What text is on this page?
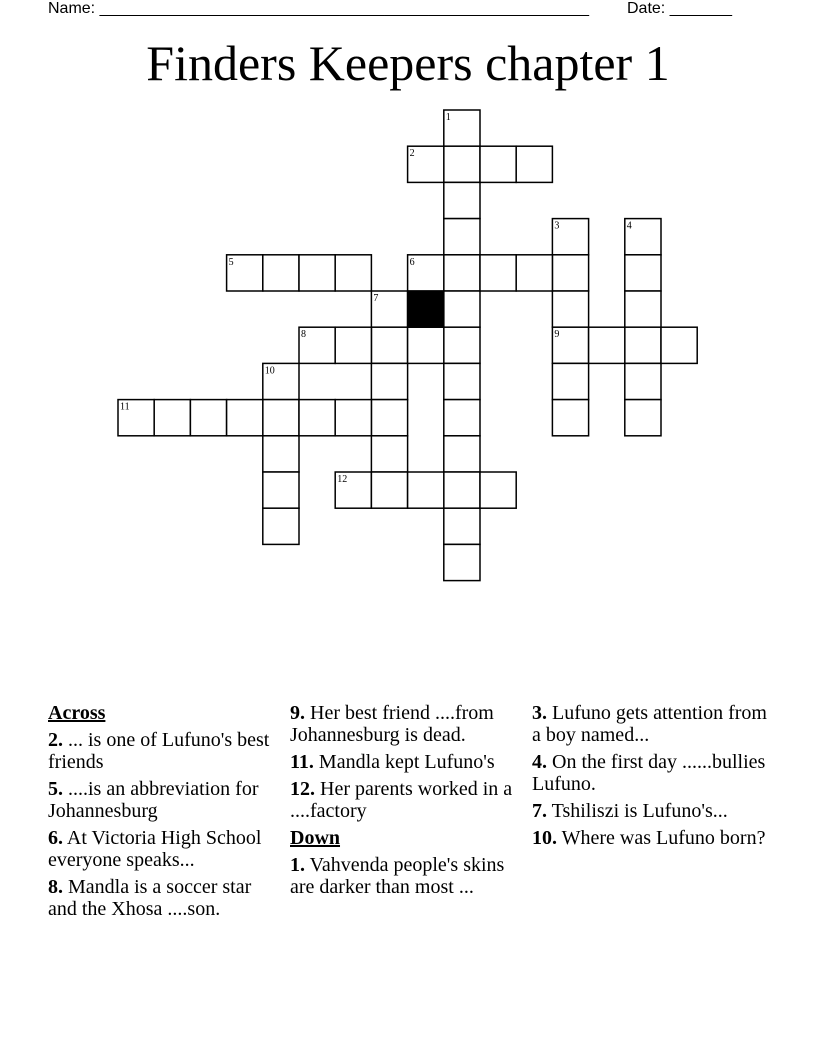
Name: _______________________________________________________ Date: _______
Finders Keepers chapter 1
1
2
3	4
5	6
7
8	9
10
11
12
Across
2. ... is one of Lufuno's best friends
5. ....is an abbreviation for Johannesburg
6. At Victoria High School everyone speaks...
8. Mandla is a soccer star and the Xhosa ....son.
9. Her best friend ....from Johannesburg is dead.
11. Mandla kept Lufuno's
12. Her parents worked in a ....factory
Down
1. Vahvenda people's skins are darker than most ...
3. Lufuno gets attention from a boy named...
4. On the first day ......bullies Lufuno.
7. Tshiliszi is Lufuno's...
10. Where was Lufuno born?
